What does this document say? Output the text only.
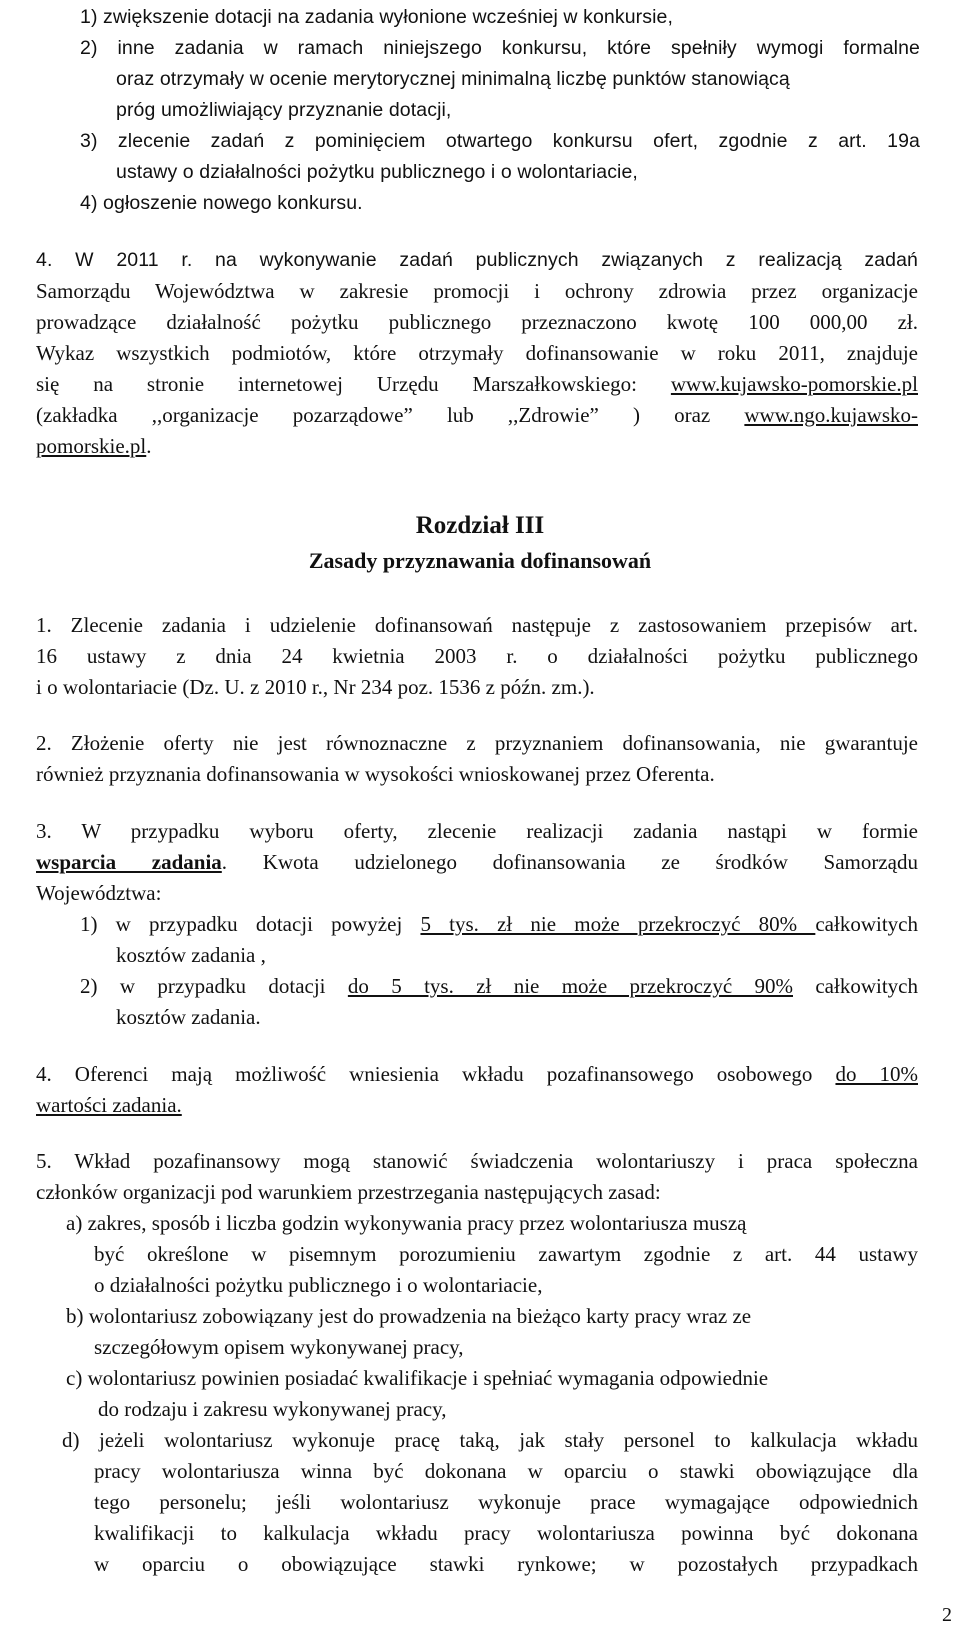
1) zwiększenie dotacji na zadania wyłonione wcześniej w konkursie,
2) inne zadania w ramach niniejszego konkursu, które spełniły wymogi formalne
oraz otrzymały w ocenie merytorycznej minimalną liczbę punktów stanowiącą
próg umożliwiający przyznanie dotacji,
3) zlecenie zadań z pominięciem otwartego konkursu ofert, zgodnie z art. 19a
ustawy o działalności pożytku publicznego i o wolontariacie,
4) ogłoszenie nowego konkursu.
4. W 2011 r. na wykonywanie zadań publicznych związanych z realizacją zadań
Samorządu Województwa w zakresie promocji i ochrony zdrowia przez organizacje
prowadzące działalność pożytku publicznego przeznaczono kwotę 100 000,00 zł.
Wykaz wszystkich podmiotów, które otrzymały dofinansowanie w roku 2011, znajduje
się na stronie internetowej Urzędu Marszałkowskiego: www.kujawsko-pomorskie.pl
(zakładka ,,organizacje pozarządowe” lub ,,Zdrowie” ) oraz www.ngo.kujawsko-
pomorskie.pl.
Rozdział III
Zasady przyznawania dofinansowań
1. Zlecenie zadania i udzielenie dofinansowań następuje z zastosowaniem przepisów art.
16 ustawy z dnia 24 kwietnia 2003 r. o działalności pożytku publicznego
i o wolontariacie (Dz. U. z 2010 r., Nr 234 poz. 1536 z późn. zm.).
2. Złożenie oferty nie jest równoznaczne z przyznaniem dofinansowania, nie gwarantuje
również przyznania dofinansowania w wysokości wnioskowanej przez Oferenta.
3. W przypadku wyboru oferty, zlecenie realizacji zadania nastąpi w formie
wsparcia zadania. Kwota udzielonego dofinansowania ze środków Samorządu
Województwa:
1) w przypadku dotacji powyżej 5 tys. zł nie może przekroczyć 80% całkowitych
kosztów zadania ,
2) w przypadku dotacji do 5 tys. zł nie może przekroczyć 90% całkowitych
kosztów zadania.
4. Oferenci mają możliwość wniesienia wkładu pozafinansowego osobowego do 10%
wartości zadania.
5. Wkład pozafinansowy mogą stanowić świadczenia wolontariuszy i praca społeczna
członków organizacji pod warunkiem przestrzegania następujących zasad:
a) zakres, sposób i liczba godzin wykonywania pracy przez wolontariusza muszą
być określone w pisemnym porozumieniu zawartym zgodnie z art. 44 ustawy
o działalności pożytku publicznego i o wolontariacie,
b) wolontariusz zobowiązany jest do prowadzenia na bieżąco karty pracy wraz ze
szczegółowym opisem wykonywanej pracy,
c) wolontariusz powinien posiadać kwalifikacje i spełniać wymagania odpowiednie
do rodzaju i zakresu wykonywanej pracy,
d) jeżeli wolontariusz wykonuje pracę taką, jak stały personel to kalkulacja wkładu
pracy wolontariusza winna być dokonana w oparciu o stawki obowiązujące dla
tego personelu; jeśli wolontariusz wykonuje prace wymagające odpowiednich
kwalifikacji to kalkulacja wkładu pracy wolontariusza powinna być dokonana
w oparciu o obowiązujące stawki rynkowe; w pozostałych przypadkach
2
